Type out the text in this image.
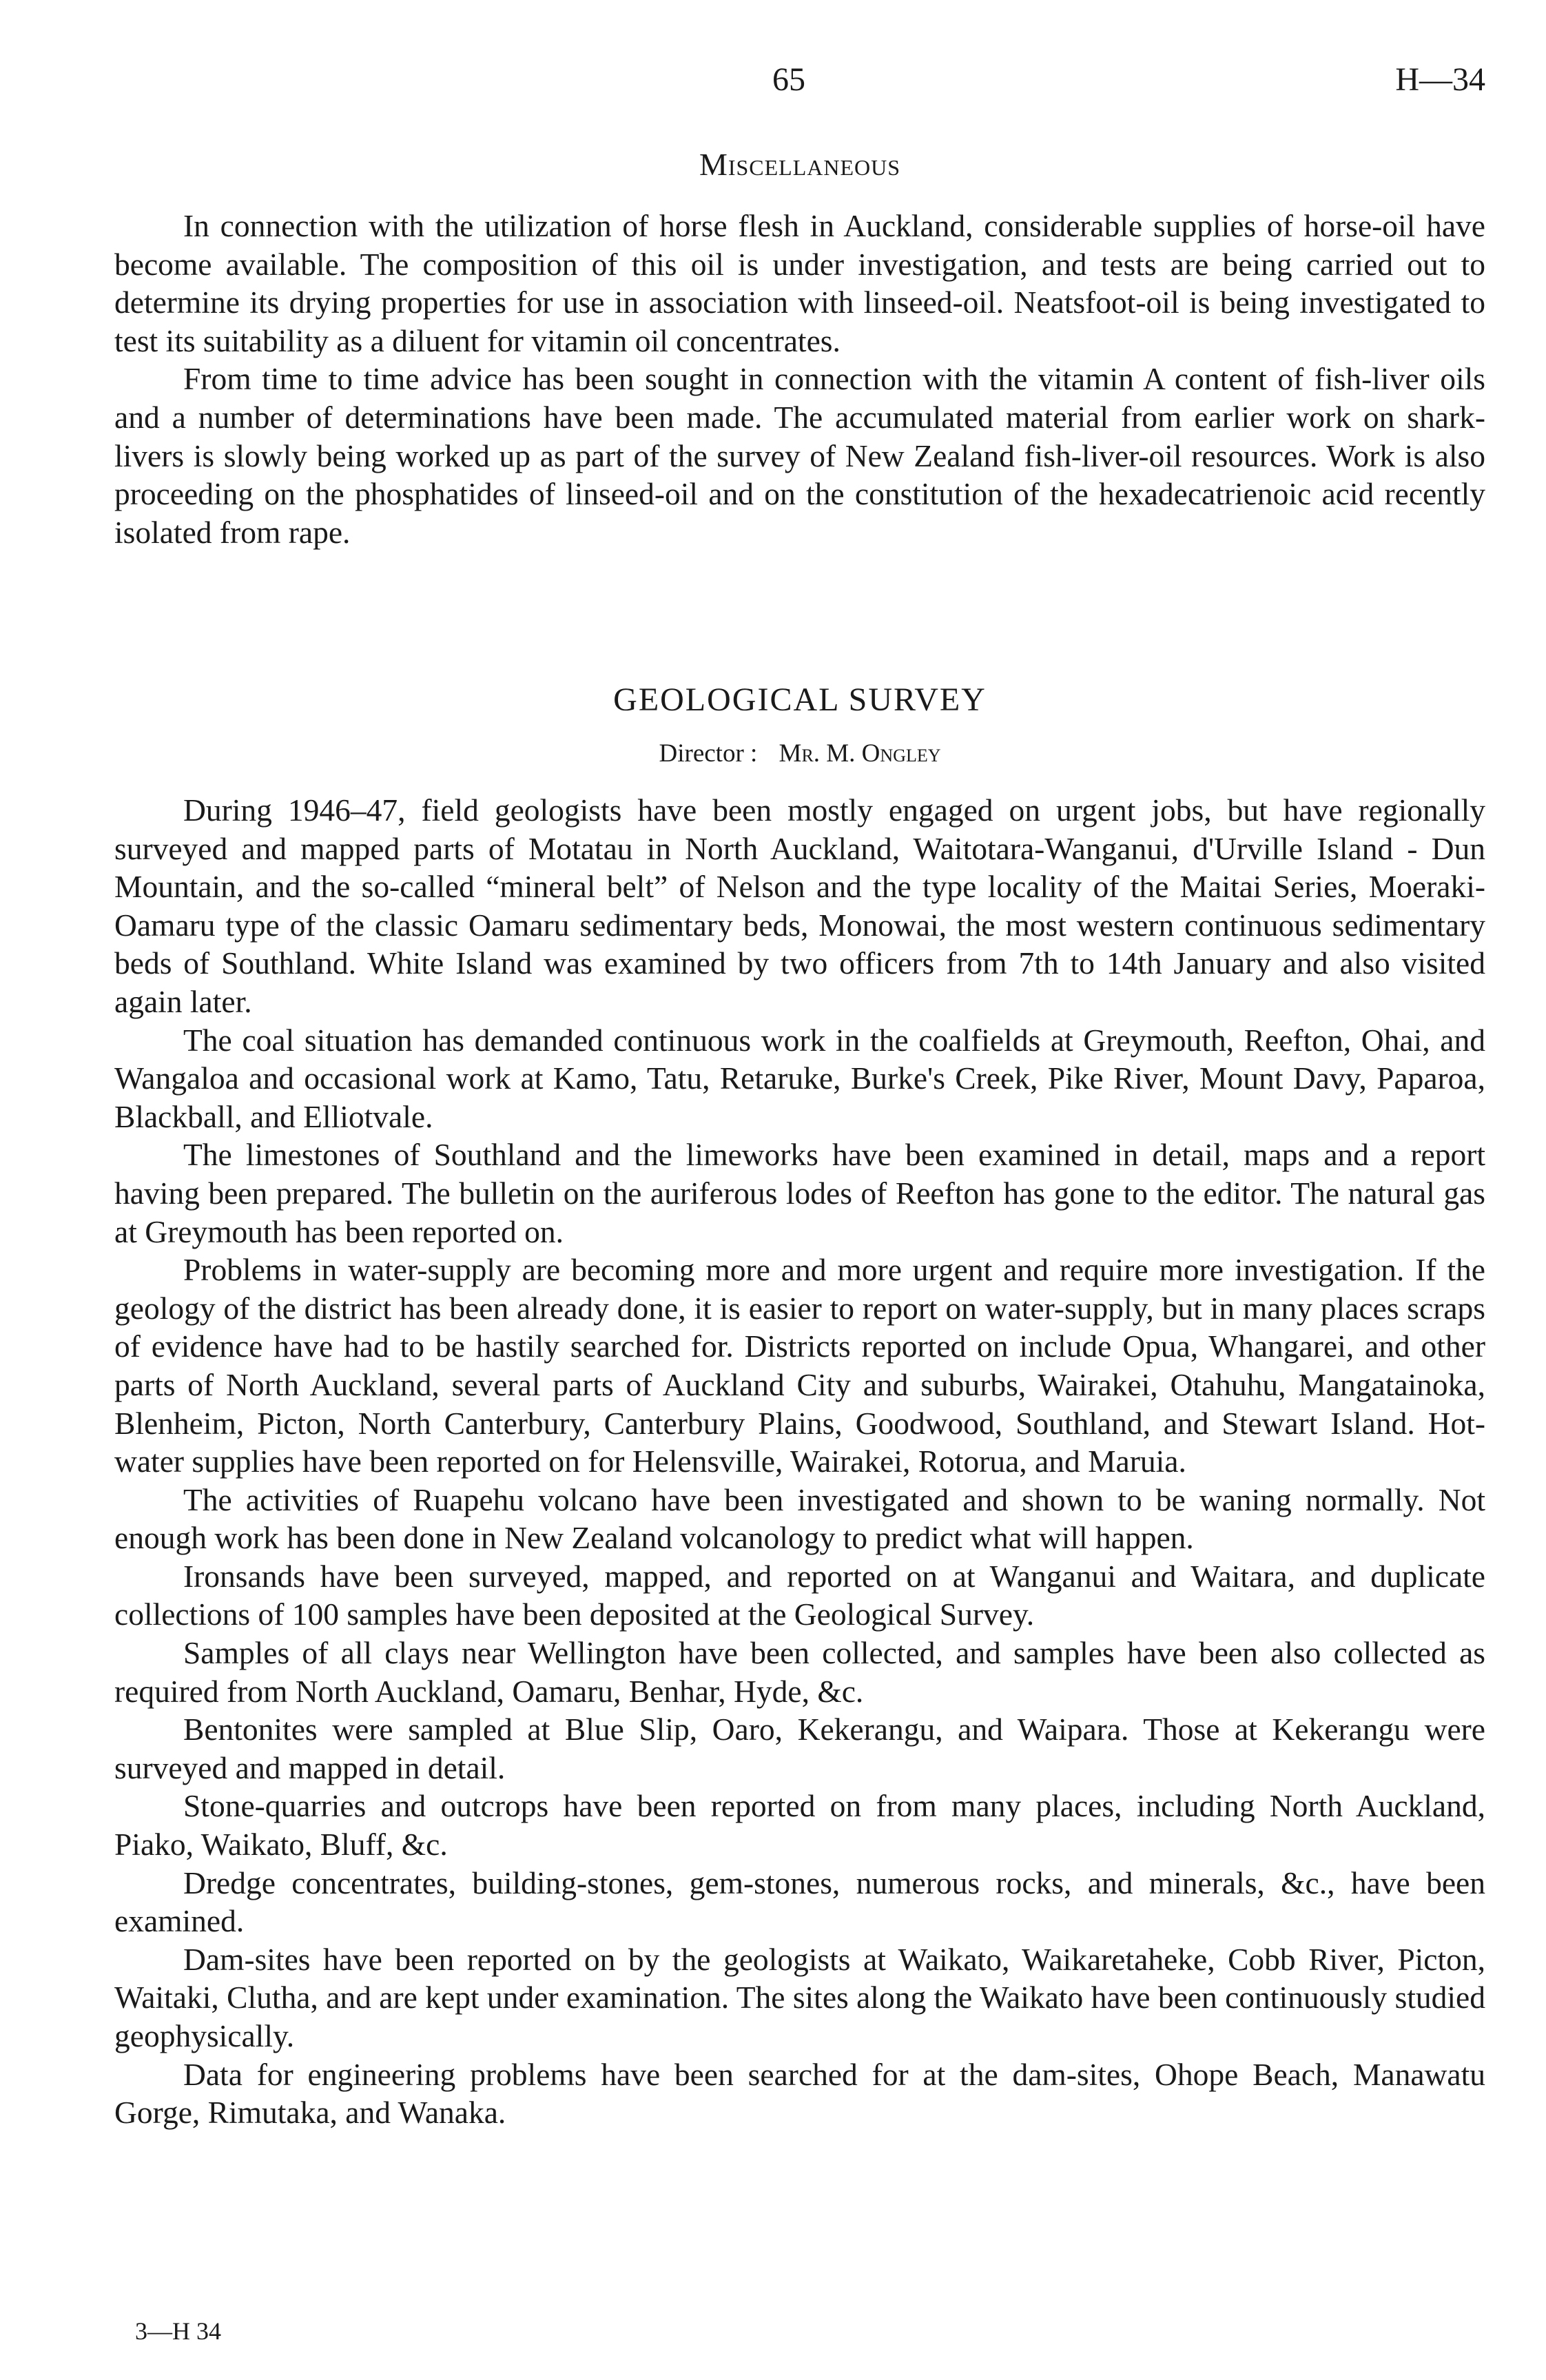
65	H—34
Miscellaneous

In connection with the utilization of horse flesh in Auckland, considerable supplies of horse-oil have become available. The composition of this oil is under investigation, and tests are being carried out to determine its drying properties for use in association with linseed-oil. Neatsfoot-oil is being investigated to test its suitability as a diluent for vitamin oil concentrates.

From time to time advice has been sought in connection with the vitamin A content of fish-liver oils and a number of determinations have been made. The accumulated material from earlier work on shark-livers is slowly being worked up as part of the survey of New Zealand fish-liver-oil resources. Work is also proceeding on the phosphatides of linseed-oil and on the constitution of the hexadecatrienoic acid recently isolated from rape.

GEOLOGICAL SURVEY
Director : Mr. M. Ongley

During 1946–47, field geologists have been mostly engaged on urgent jobs, but have regionally surveyed and mapped parts of Motatau in North Auckland, Waitotara-Wanganui, d'Urville Island - Dun Mountain, and the so-called “mineral belt” of Nelson and the type locality of the Maitai Series, Moeraki-Oamaru type of the classic Oamaru sedimentary beds, Monowai, the most western continuous sedimentary beds of Southland. White Island was examined by two officers from 7th to 14th January and also visited again later.

The coal situation has demanded continuous work in the coalfields at Greymouth, Reefton, Ohai, and Wangaloa and occasional work at Kamo, Tatu, Retaruke, Burke's Creek, Pike River, Mount Davy, Paparoa, Blackball, and Elliotvale.

The limestones of Southland and the limeworks have been examined in detail, maps and a report having been prepared. The bulletin on the auriferous lodes of Reefton has gone to the editor. The natural gas at Greymouth has been reported on.

Problems in water-supply are becoming more and more urgent and require more investigation. If the geology of the district has been already done, it is easier to report on water-supply, but in many places scraps of evidence have had to be hastily searched for. Districts reported on include Opua, Whangarei, and other parts of North Auckland, several parts of Auckland City and suburbs, Wairakei, Otahuhu, Mangatainoka, Blenheim, Picton, North Canterbury, Canterbury Plains, Goodwood, Southland, and Stewart Island. Hot-water supplies have been reported on for Helensville, Wairakei, Rotorua, and Maruia.

The activities of Ruapehu volcano have been investigated and shown to be waning normally. Not enough work has been done in New Zealand volcanology to predict what will happen.

Ironsands have been surveyed, mapped, and reported on at Wanganui and Waitara, and duplicate collections of 100 samples have been deposited at the Geological Survey.

Samples of all clays near Wellington have been collected, and samples have been also collected as required from North Auckland, Oamaru, Benhar, Hyde, &c.

Bentonites were sampled at Blue Slip, Oaro, Kekerangu, and Waipara. Those at Kekerangu were surveyed and mapped in detail.

Stone-quarries and outcrops have been reported on from many places, including North Auckland, Piako, Waikato, Bluff, &c.

Dredge concentrates, building-stones, gem-stones, numerous rocks, and minerals, &c., have been examined.

Dam-sites have been reported on by the geologists at Waikato, Waikaretaheke, Cobb River, Picton, Waitaki, Clutha, and are kept under examination. The sites along the Waikato have been continuously studied geophysically.

Data for engineering problems have been searched for at the dam-sites, Ohope Beach, Manawatu Gorge, Rimutaka, and Wanaka.

3—H 34
